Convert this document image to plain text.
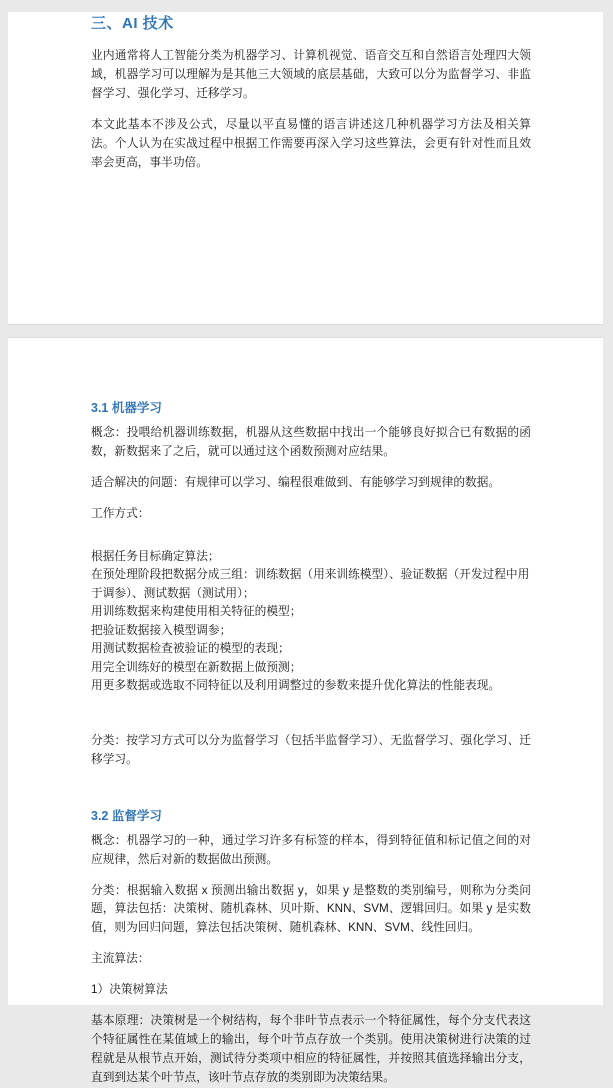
三、AI 技术

业内通常将人工智能分类为机器学习、计算机视觉、语音交互和自然语言处理四大领域，机器学习可以理解为是其他三大领域的底层基础，大致可以分为监督学习、非监督学习、强化学习、迁移学习。

本文此基本不涉及公式，尽量以平直易懂的语言讲述这几种机器学习方法及相关算法。个人认为在实战过程中根据工作需要再深入学习这些算法，会更有针对性而且效率会更高，事半功倍。

3.1 机器学习

概念：投喂给机器训练数据，机器从这些数据中找出一个能够良好拟合已有数据的函数，新数据来了之后，就可以通过这个函数预测对应结果。

适合解决的问题：有规律可以学习、编程很难做到、有能够学习到规律的数据。

工作方式：

根据任务目标确定算法；

在预处理阶段把数据分成三组：训练数据（用来训练模型）、验证数据（开发过程中用于调参）、测试数据（测试用）；

用训练数据来构建使用相关特征的模型；

把验证数据接入模型调参；

用测试数据检查被验证的模型的表现；

用完全训练好的模型在新数据上做预测；

用更多数据或选取不同特征以及利用调整过的参数来提升优化算法的性能表现。

分类：按学习方式可以分为监督学习（包括半监督学习）、无监督学习、强化学习、迁移学习。

3.2 监督学习

概念：机器学习的一种，通过学习许多有标签的样本，得到特征值和标记值之间的对应规律，然后对新的数据做出预测。

分类：根据输入数据 x 预测出输出数据 y，如果 y 是整数的类别编号，则称为分类问题，算法包括：决策树、随机森林、贝叶斯、KNN、SVM、逻辑回归。如果 y 是实数值，则为回归问题，算法包括决策树、随机森林、KNN、SVM、线性回归。

主流算法：

1）决策树算法

基本原理：决策树是一个树结构，每个非叶节点表示一个特征属性，每个分支代表这个特征属性在某值域上的输出，每个叶节点存放一个类别。使用决策树进行决策的过程就是从根节点开始，测试待分类项中相应的特征属性，并按照其值选择输出分支，直到到达某个叶节点，该叶节点存放的类别即为决策结果。
